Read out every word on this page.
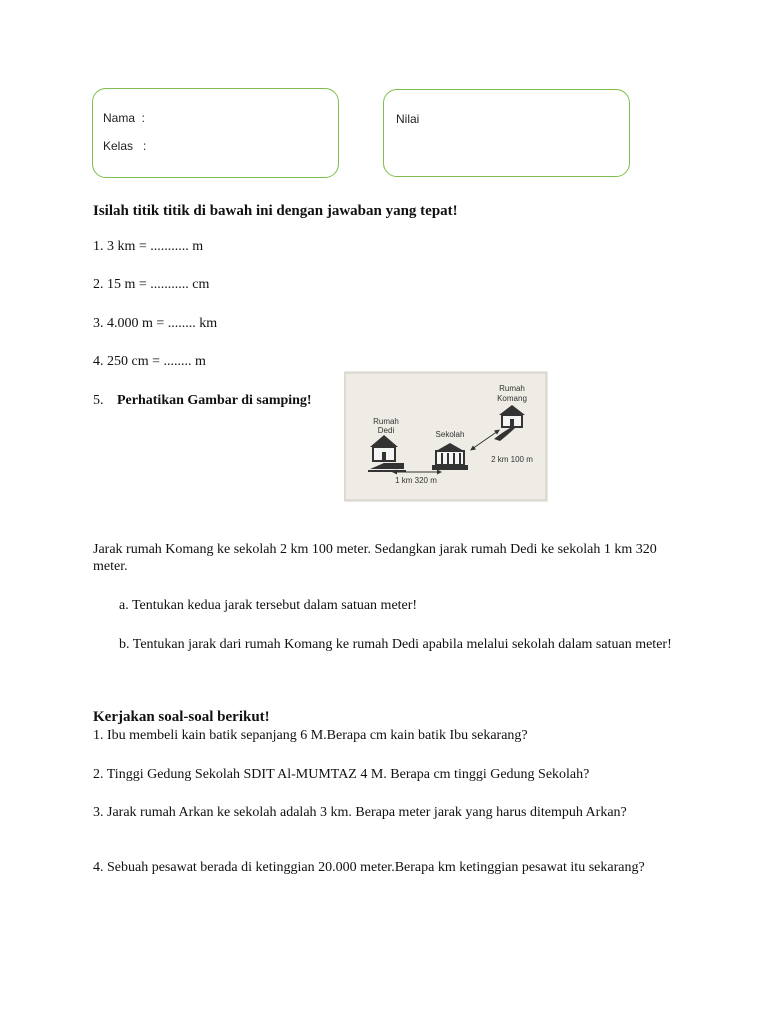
Nama  :
Kelas   :
Nilai
Isilah titik titik di bawah ini dengan jawaban yang tepat!
1. 3 km = ........... m
2. 15 m = ........... cm
3. 4.000 m = ........ km
4. 250 cm = ........ m
5. Perhatikan Gambar di samping!
Rumah
Komang
Rumah
Dedi	Sekolah
2 km 100 m
1 km 320 m
Jarak rumah Komang ke sekolah 2 km 100 meter. Sedangkan jarak rumah Dedi ke sekolah 1 km 320 meter.
a. Tentukan kedua jarak tersebut dalam satuan meter!
b. Tentukan jarak dari rumah Komang ke rumah Dedi apabila melalui sekolah dalam satuan meter!
Kerjakan soal-soal berikut!
1. Ibu membeli kain batik sepanjang 6 M.Berapa cm kain batik Ibu sekarang?
2. Tinggi Gedung Sekolah SDIT Al-MUMTAZ 4 M. Berapa cm tinggi Gedung Sekolah?
3. Jarak rumah Arkan ke sekolah adalah 3 km. Berapa meter jarak yang harus ditempuh Arkan?
4. Sebuah pesawat berada di ketinggian 20.000 meter.Berapa km ketinggian pesawat itu sekarang?
